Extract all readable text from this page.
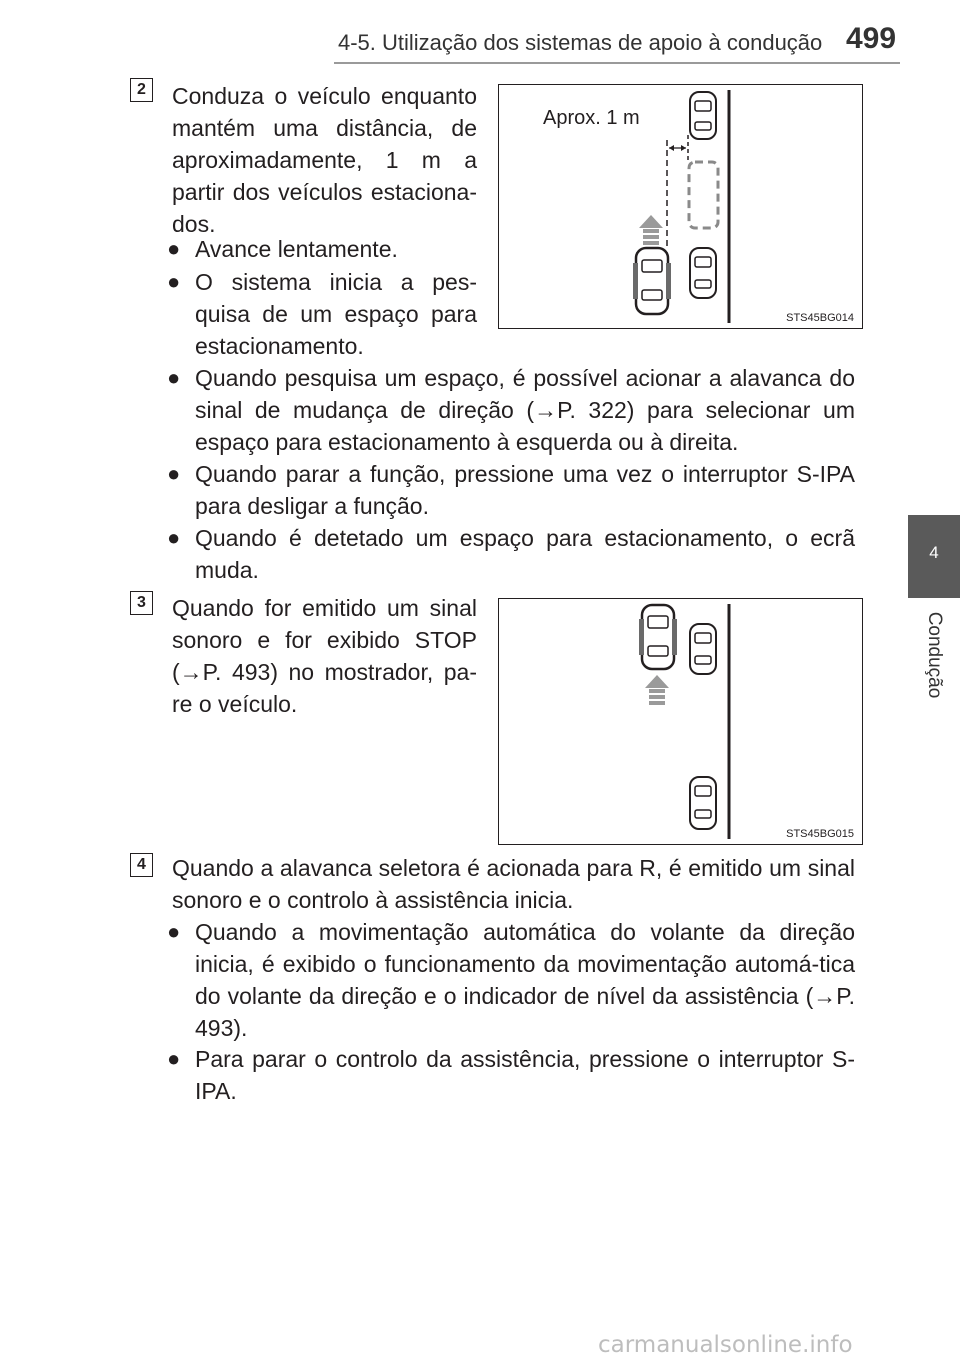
4-5. Utilização dos sistemas de apoio à condução 499
4
Condução
2	Conduza o veículo enquanto mantém uma distância, de aproximadamente, 1 m a partir dos veículos estaciona-dos.
● Avance lentamente.
● O sistema inicia a pes-quisa de um espaço para estacionamento.
Aprox. 1 m
STS45BG014
● Quando pesquisa um espaço, é possível acionar a alavanca do sinal de mudança de direção (→P. 322) para selecionar um espaço para estacionamento à esquerda ou à direita.
● Quando parar a função, pressione uma vez o interruptor S-IPA para desligar a função.
● Quando é detetado um espaço para estacionamento, o ecrã muda.
3	Quando for emitido um sinal sonoro e for exibido STOP (→P. 493) no mostrador, pa-re o veículo.
STS45BG015
4	Quando a alavanca seletora é acionada para R, é emitido um sinal sonoro e o controlo à assistência inicia.
● Quando a movimentação automática do volante da direção inicia, é exibido o funcionamento da movimentação automá-tica do volante da direção e o indicador de nível da assistência (→P. 493).
● Para parar o controlo da assistência, pressione o interruptor S-IPA.
carmanualsonline.info
